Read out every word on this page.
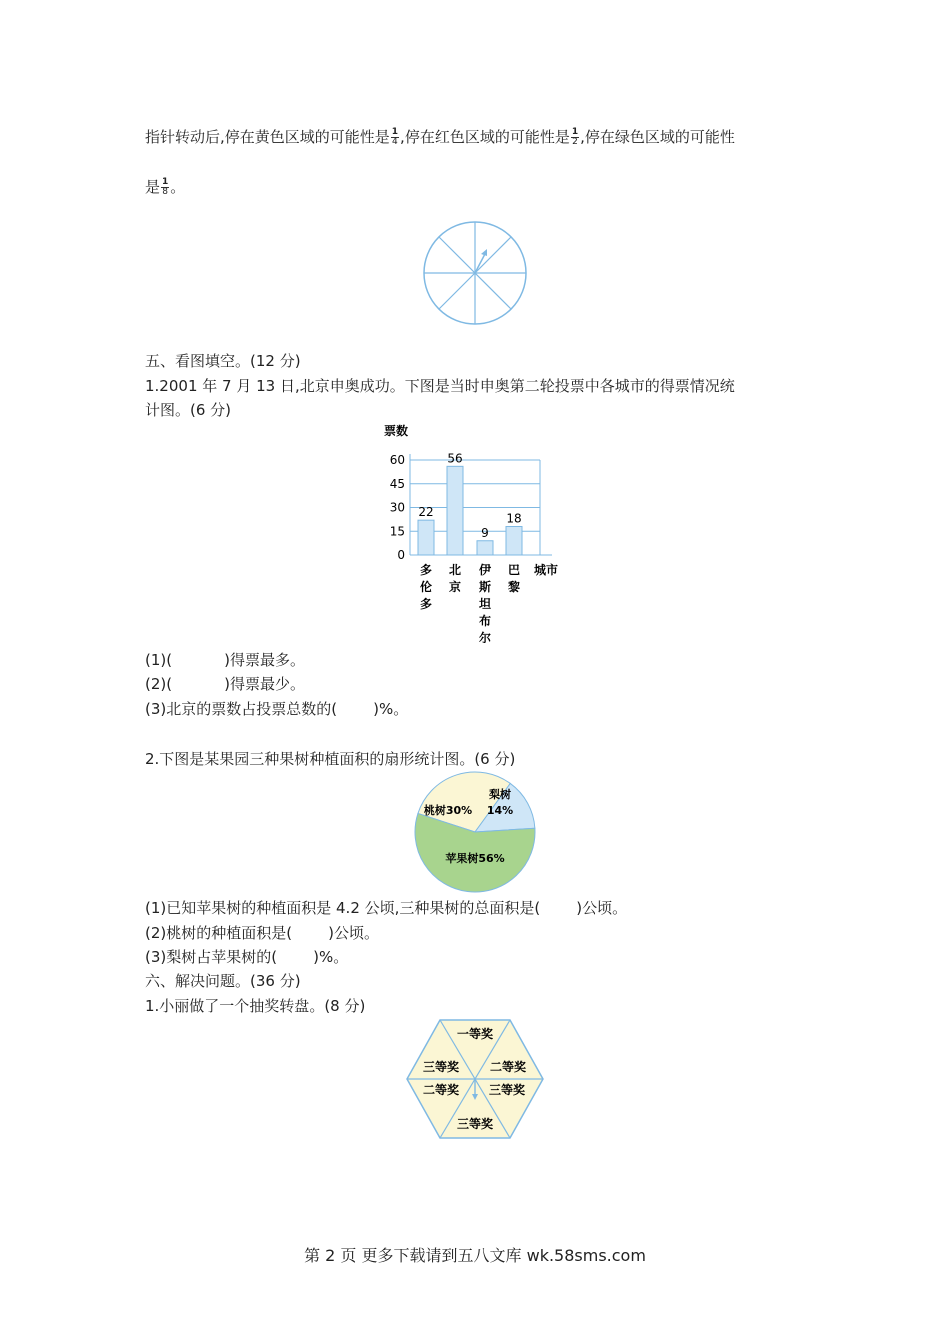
指针转动后,停在黄色区域的可能性是 $\frac{1}{4}$ ,停在红色区域的可能性是 $\frac{1}{2}$ ,停在绿色区域的可能性
是 $\frac{1}{8}$ 。
五、看图填空。(12 分)
1.2001 年 7 月 13 日,北京申奥成功。下图是当时申奥第二轮投票中各城市的得票情况统
计图。(6 分)
票数
0
15
30
45
60
22
多
伦
多
56
北
京
9
伊
斯
坦
布
尔
18
巴
黎
城市
(1)(	)得票最多。
(2)(	)得票最少。
(3)北京的票数占投票总数的( )%。
2.下图是某果园三种果树种植面积的扇形统计图。(6 分)
桃树30%
梨树
14%
苹果树56%
(1)已知苹果树的种植面积是 4.2 公顷,三种果树的总面积是( )公顷。
(2)桃树的种植面积是( )公顷。
(3)梨树占苹果树的( )%。
六、解决问题。(36 分)
1.小丽做了一个抽奖转盘。(8 分)
一等奖
二等奖
三等奖
三等奖
二等奖
三等奖
第 2 页 更多下载请到五八文库 wk.58sms.com
